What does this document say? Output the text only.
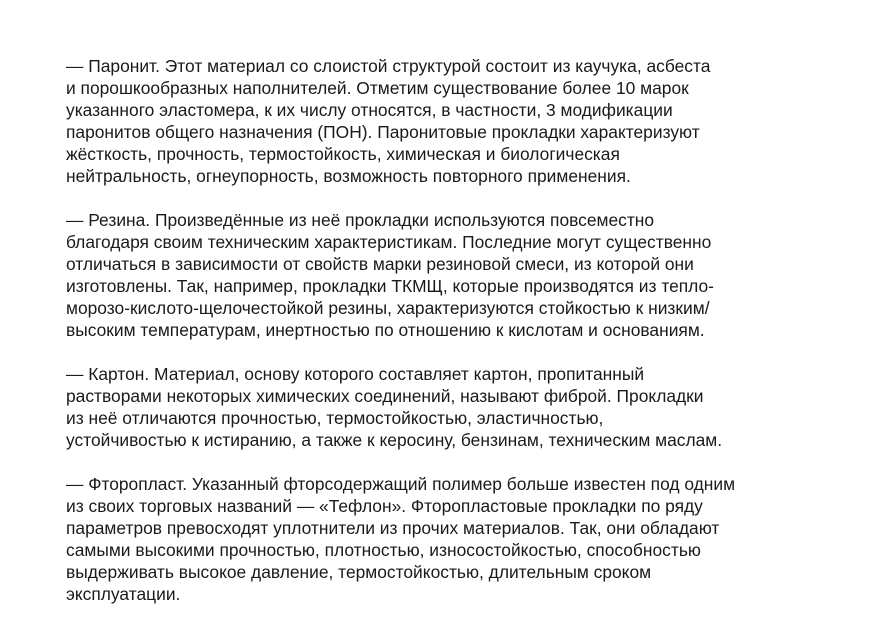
— Паронит. Этот материал со слоистой структурой состоит из каучука, асбеста
и порошкообразных наполнителей. Отметим существование более 10 марок
указанного эластомера, к их числу относятся, в частности, 3 модификации
паронитов общего назначения (ПОН). Паронитовые прокладки характеризуют
жёсткость, прочность, термостойкость, химическая и биологическая
нейтральность, огнеупорность, возможность повторного применения.

— Резина. Произведённые из неё прокладки используются повсеместно
благодаря своим техническим характеристикам. Последние могут существенно
отличаться в зависимости от свойств марки резиновой смеси, из которой они
изготовлены. Так, например, прокладки ТКМЩ, которые производятся из тепло-
морозо-кислото-щелочестойкой резины, характеризуются стойкостью к низким/
высоким температурам, инертностью по отношению к кислотам и основаниям.

— Картон. Материал, основу которого составляет картон, пропитанный
растворами некоторых химических соединений, называют фиброй. Прокладки
из неё отличаются прочностью, термостойкостью, эластичностью,
устойчивостью к истиранию, а также к керосину, бензинам, техническим маслам.

— Фторопласт. Указанный фторсодержащий полимер больше известен под одним
из своих торговых названий — «Тефлон». Фторопластовые прокладки по ряду
параметров превосходят уплотнители из прочих материалов. Так, они обладают
самыми высокими прочностью, плотностью, износостойкостью, способностью
выдерживать высокое давление, термостойкостью, длительным сроком
эксплуатации.
